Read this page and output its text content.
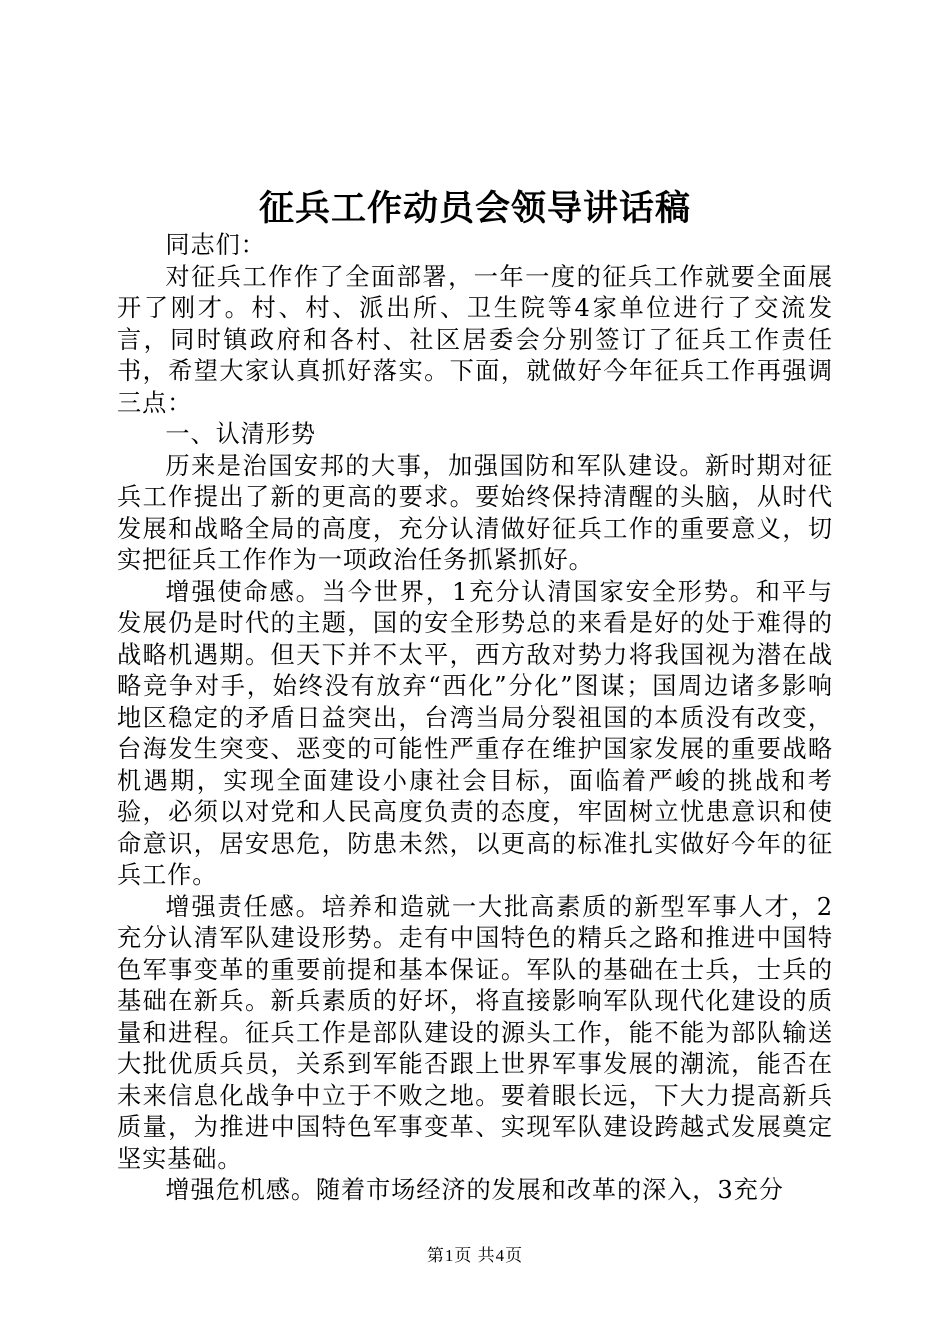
征兵工作动员会领导讲话稿

同志们：

对征兵工作作了全面部署，一年一度的征兵工作就要全面展开了刚才。村、村、派出所、卫生院等4家单位进行了交流发言，同时镇政府和各村、社区居委会分别签订了征兵工作责任书，希望大家认真抓好落实。下面，就做好今年征兵工作再强调三点：

一、认清形势

历来是治国安邦的大事，加强国防和军队建设。新时期对征兵工作提出了新的更高的要求。要始终保持清醒的头脑，从时代发展和战略全局的高度，充分认清做好征兵工作的重要意义，切实把征兵工作作为一项政治任务抓紧抓好。

增强使命感。当今世界，1充分认清国家安全形势。和平与发展仍是时代的主题，国的安全形势总的来看是好的处于难得的战略机遇期。但天下并不太平，西方敌对势力将我国视为潜在战略竞争对手，始终没有放弃“西化”分化”图谋；国周边诸多影响地区稳定的矛盾日益突出，台湾当局分裂祖国的本质没有改变，台海发生突变、恶变的可能性严重存在维护国家发展的重要战略机遇期，实现全面建设小康社会目标，面临着严峻的挑战和考验，必须以对党和人民高度负责的态度，牢固树立忧患意识和使命意识，居安思危，防患未然，以更高的标准扎实做好今年的征兵工作。

增强责任感。培养和造就一大批高素质的新型军事人才，2充分认清军队建设形势。走有中国特色的精兵之路和推进中国特色军事变革的重要前提和基本保证。军队的基础在士兵，士兵的基础在新兵。新兵素质的好坏，将直接影响军队现代化建设的质量和进程。征兵工作是部队建设的源头工作，能不能为部队输送大批优质兵员，关系到军能否跟上世界军事发展的潮流，能否在未来信息化战争中立于不败之地。要着眼长远，下大力提高新兵质量，为推进中国特色军事变革、实现军队建设跨越式发展奠定坚实基础。

增强危机感。随着市场经济的发展和改革的深入，3充分

第1页 共4页
